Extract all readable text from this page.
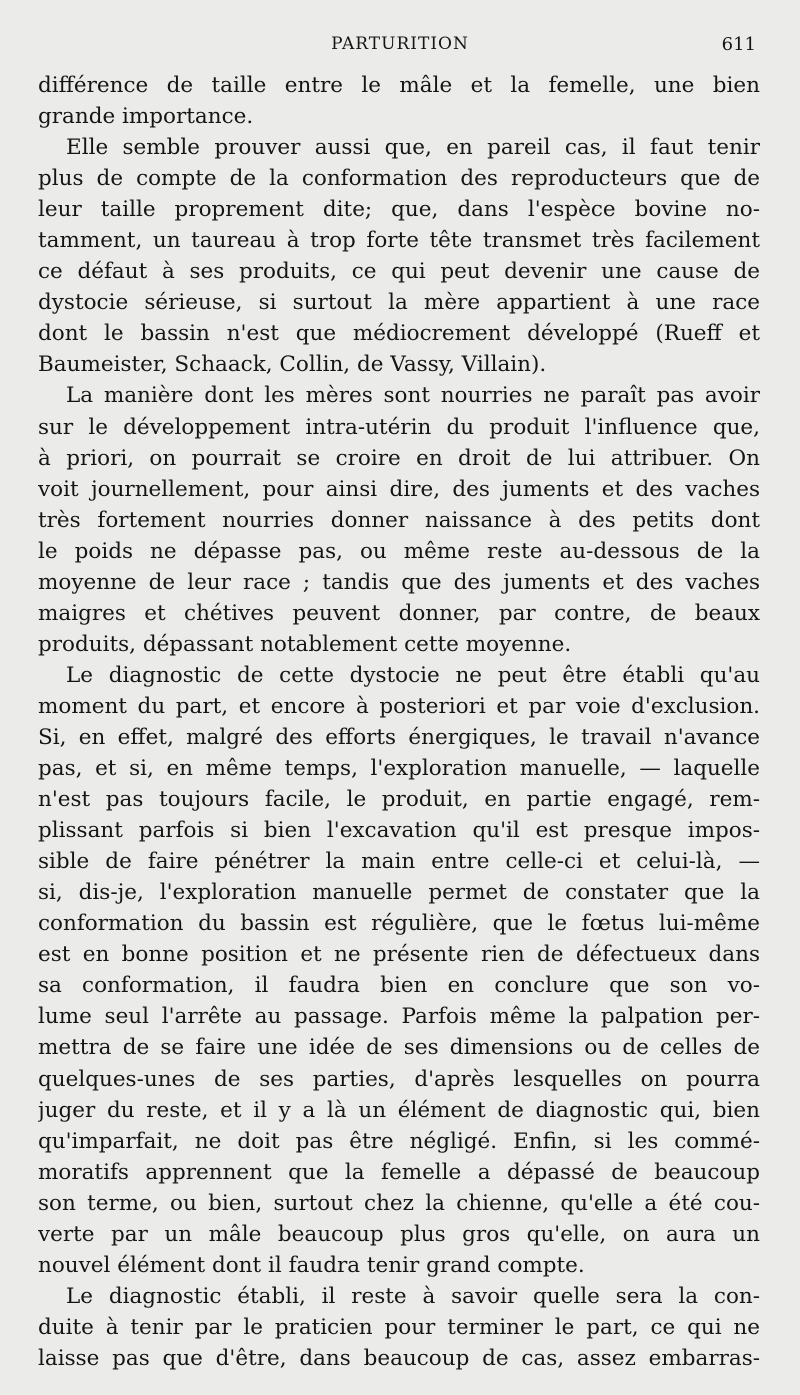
PARTURITION	611
différence de taille entre le mâle et la femelle, une bien
grande importance.
Elle semble prouver aussi que, en pareil cas, il faut tenir
plus de compte de la conformation des reproducteurs que de
leur taille proprement dite; que, dans l'espèce bovine no-
tamment, un taureau à trop forte tête transmet très facilement
ce défaut à ses produits, ce qui peut devenir une cause de
dystocie sérieuse, si surtout la mère appartient à une race
dont le bassin n'est que médiocrement développé (Rueff et
Baumeister, Schaack, Collin, de Vassy, Villain).
La manière dont les mères sont nourries ne paraît pas avoir
sur le développement intra-utérin du produit l'influence que,
à priori, on pourrait se croire en droit de lui attribuer. On
voit journellement, pour ainsi dire, des juments et des vaches
très fortement nourries donner naissance à des petits dont
le poids ne dépasse pas, ou même reste au-dessous de la
moyenne de leur race ; tandis que des juments et des vaches
maigres et chétives peuvent donner, par contre, de beaux
produits, dépassant notablement cette moyenne.
Le diagnostic de cette dystocie ne peut être établi qu'au
moment du part, et encore à posteriori et par voie d'exclusion.
Si, en effet, malgré des efforts énergiques, le travail n'avance
pas, et si, en même temps, l'exploration manuelle, — laquelle
n'est pas toujours facile, le produit, en partie engagé, rem-
plissant parfois si bien l'excavation qu'il est presque impos-
sible de faire pénétrer la main entre celle-ci et celui-là, —
si, dis-je, l'exploration manuelle permet de constater que la
conformation du bassin est régulière, que le fœtus lui-même
est en bonne position et ne présente rien de défectueux dans
sa conformation, il faudra bien en conclure que son vo-
lume seul l'arrête au passage. Parfois même la palpation per-
mettra de se faire une idée de ses dimensions ou de celles de
quelques-unes de ses parties, d'après lesquelles on pourra
juger du reste, et il y a là un élément de diagnostic qui, bien
qu'imparfait, ne doit pas être négligé. Enfin, si les commé-
moratifs apprennent que la femelle a dépassé de beaucoup
son terme, ou bien, surtout chez la chienne, qu'elle a été cou-
verte par un mâle beaucoup plus gros qu'elle, on aura un
nouvel élément dont il faudra tenir grand compte.
Le diagnostic établi, il reste à savoir quelle sera la con-
duite à tenir par le praticien pour terminer le part, ce qui ne
laisse pas que d'être, dans beaucoup de cas, assez embarras-
